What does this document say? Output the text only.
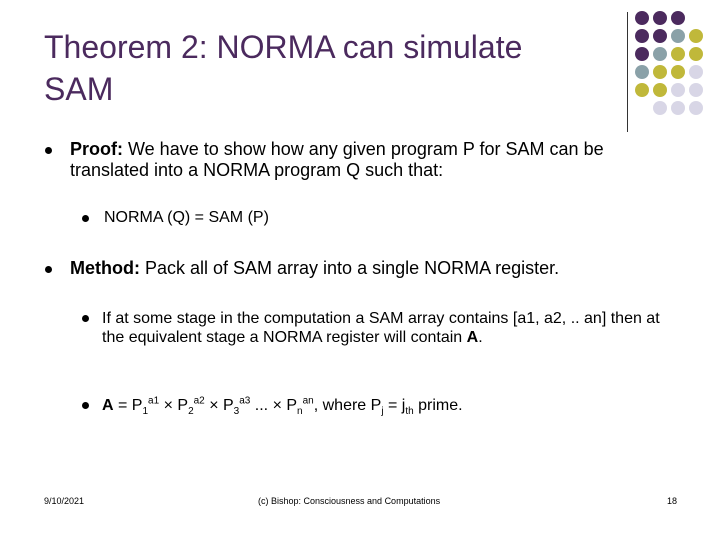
Theorem 2: NORMA can simulate
SAM
Proof: We have to show how any given program P for SAM can be translated into a NORMA program Q such that:
NORMA (Q) = SAM (P)
Method: Pack all of SAM array into a single NORMA register.
If at some stage in the computation a SAM array contains [a1, a2, .. an] then at the equivalent stage a NORMA register will contain A.
$A = P_1^{a1} \times P_2^{a2} \times P_3^{a3}$ ... × $P_n^{an}$, where $P_j = j_{th}$ prime.
9/10/2021	(c) Bishop: Consciousness and Computations	18
